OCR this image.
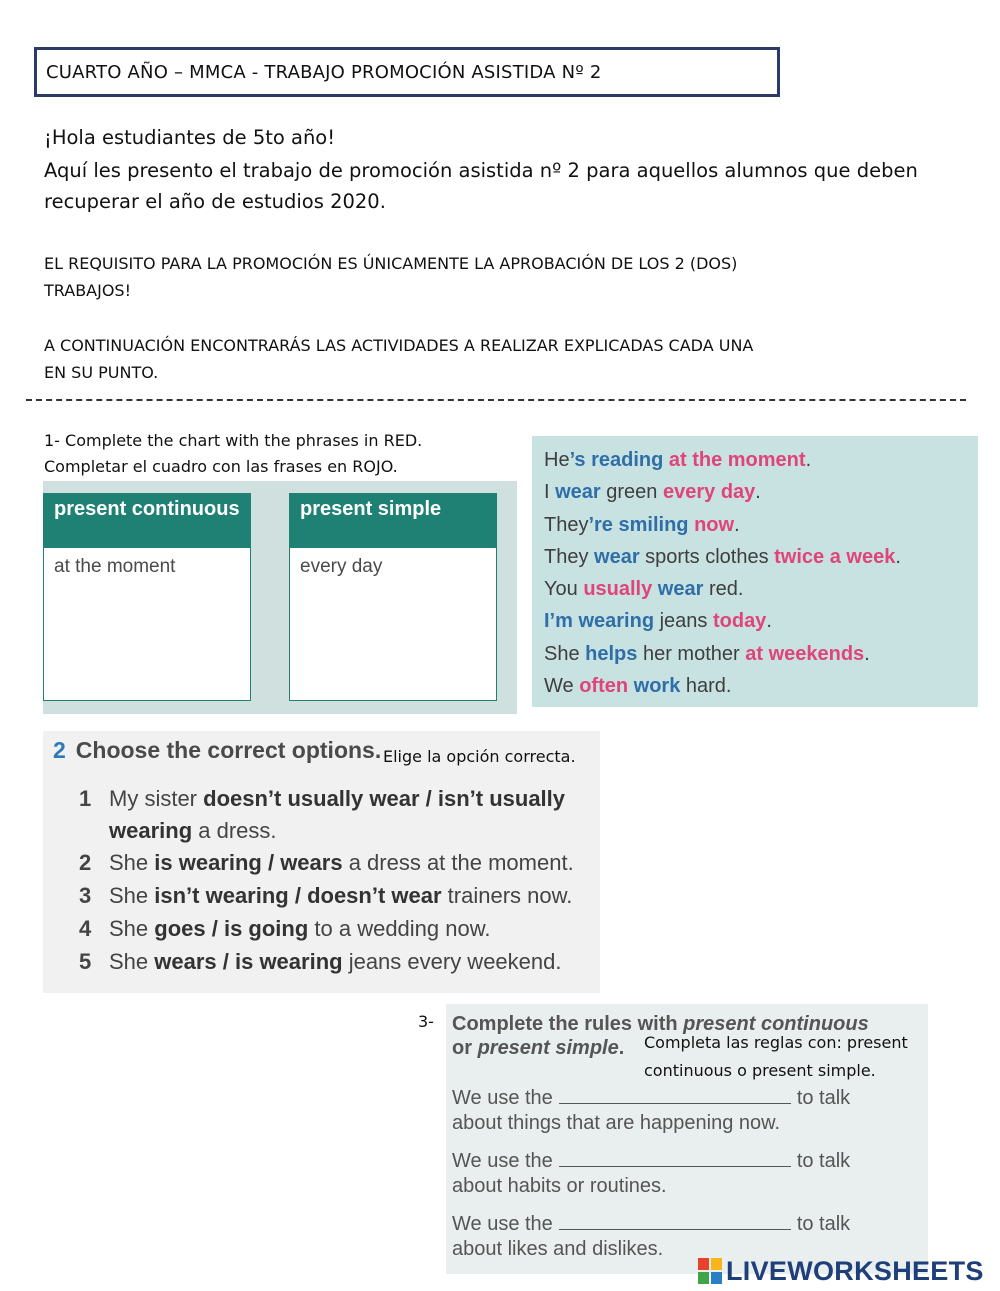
CUARTO AÑO – MMCA - TRABAJO PROMOCIÓN ASISTIDA Nº 2
¡Hola estudiantes de 5to año!
Aquí les presento el trabajo de promoción asistida nº 2 para aquellos alumnos que deben
recuperar el año de estudios 2020.
EL REQUISITO PARA LA PROMOCIÓN ES ÚNICAMENTE LA APROBACIÓN DE LOS 2 (DOS)
TRABAJOS!
A CONTINUACIÓN ENCONTRARÁS LAS ACTIVIDADES A REALIZAR EXPLICADAS CADA UNA
EN SU PUNTO.
1- Complete the chart with the phrases in RED.
Completar el cuadro con las frases en ROJO.
present continuous
at the moment
present simple
every day
He’s reading at the moment.
I wear green every day.
They’re smiling now.
They wear sports clothes twice a week.
You usually wear red.
I’m wearing jeans today.
She helps her mother at weekends.
We often work hard.
2 Choose the correct options.
1 My sister doesn’t usually wear / isn’t usually
wearing a dress.
2 She is wearing / wears a dress at the moment.
3 She isn’t wearing / doesn’t wear trainers now.
4 She goes / is going to a wedding now.
5 She wears / is wearing jeans every weekend.
Elige la opción correcta.
3- Complete the rules with present continuous
or present simple.
We use the	to talk
about things that are happening now.
We use the	to talk
about habits or routines.
We use the	to talk
about likes and dislikes.
Completa las reglas con: present
continuous o present simple.
LIVEWORKSHEETS
